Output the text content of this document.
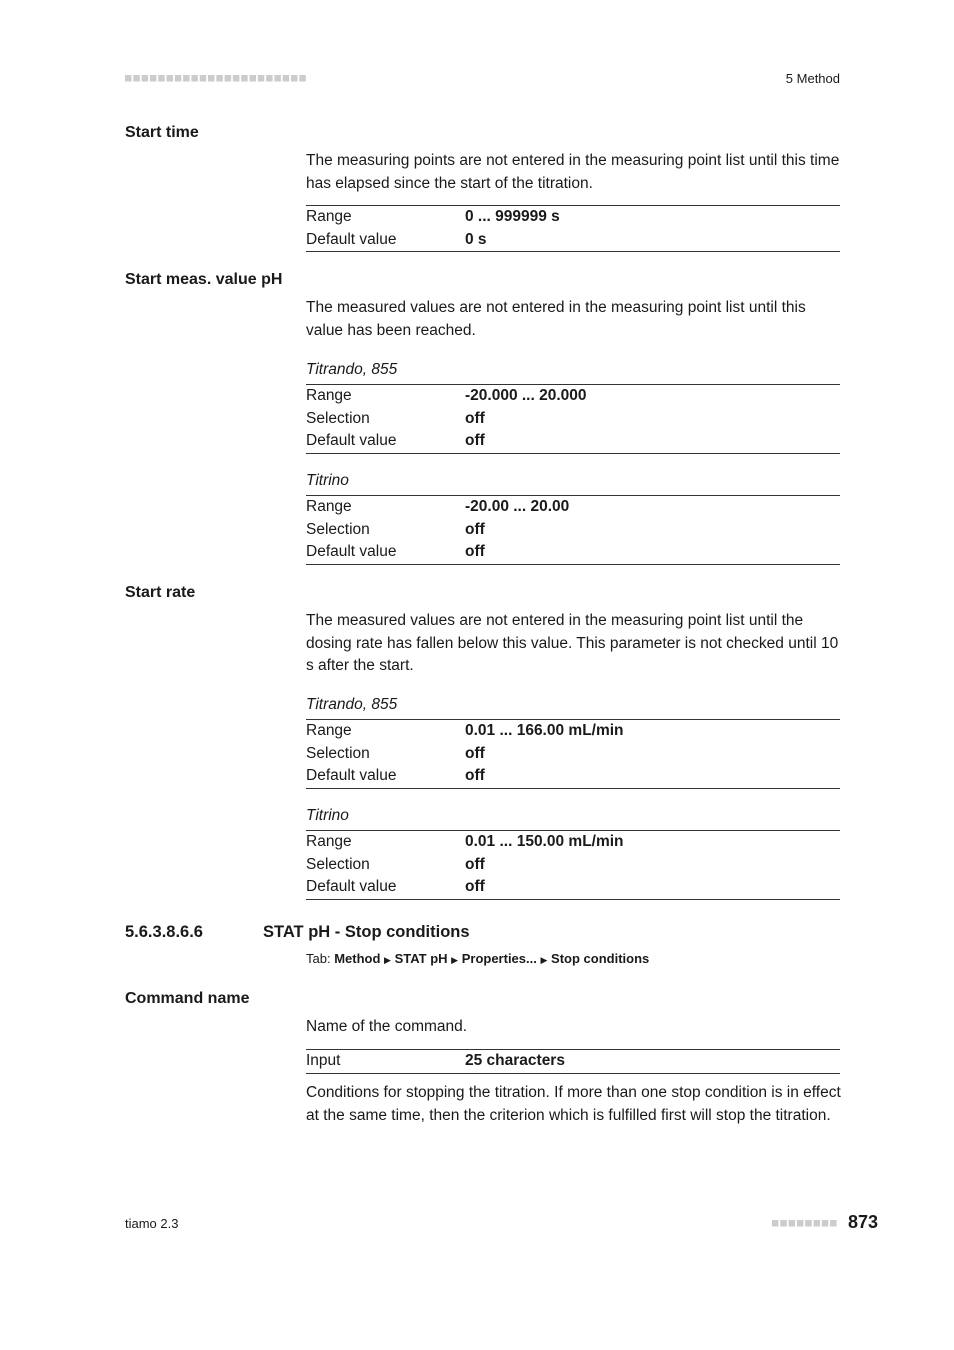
5 Method
Start time
The measuring points are not entered in the measuring point list until this time has elapsed since the start of the titration.
Range	0 ... 999999 s
Default value	0 s
Start meas. value pH
The measured values are not entered in the measuring point list until this value has been reached.
Titrando, 855
Range	-20.000 ... 20.000
Selection	off
Default value	off
Titrino
Range	-20.00 ... 20.00
Selection	off
Default value	off
Start rate
The measured values are not entered in the measuring point list until the dosing rate has fallen below this value. This parameter is not checked until 10 s after the start.
Titrando, 855
Range	0.01 ... 166.00 mL/min
Selection	off
Default value	off
Titrino
Range	0.01 ... 150.00 mL/min
Selection	off
Default value	off
5.6.3.8.6.6	STAT pH - Stop conditions
Tab: Method ▶ STAT pH ▶ Properties... ▶ Stop conditions
Command name
Name of the command.
Input	25 characters
Conditions for stopping the titration. If more than one stop condition is in effect at the same time, then the criterion which is fulfilled first will stop the titration.
tiamo 2.3	873
